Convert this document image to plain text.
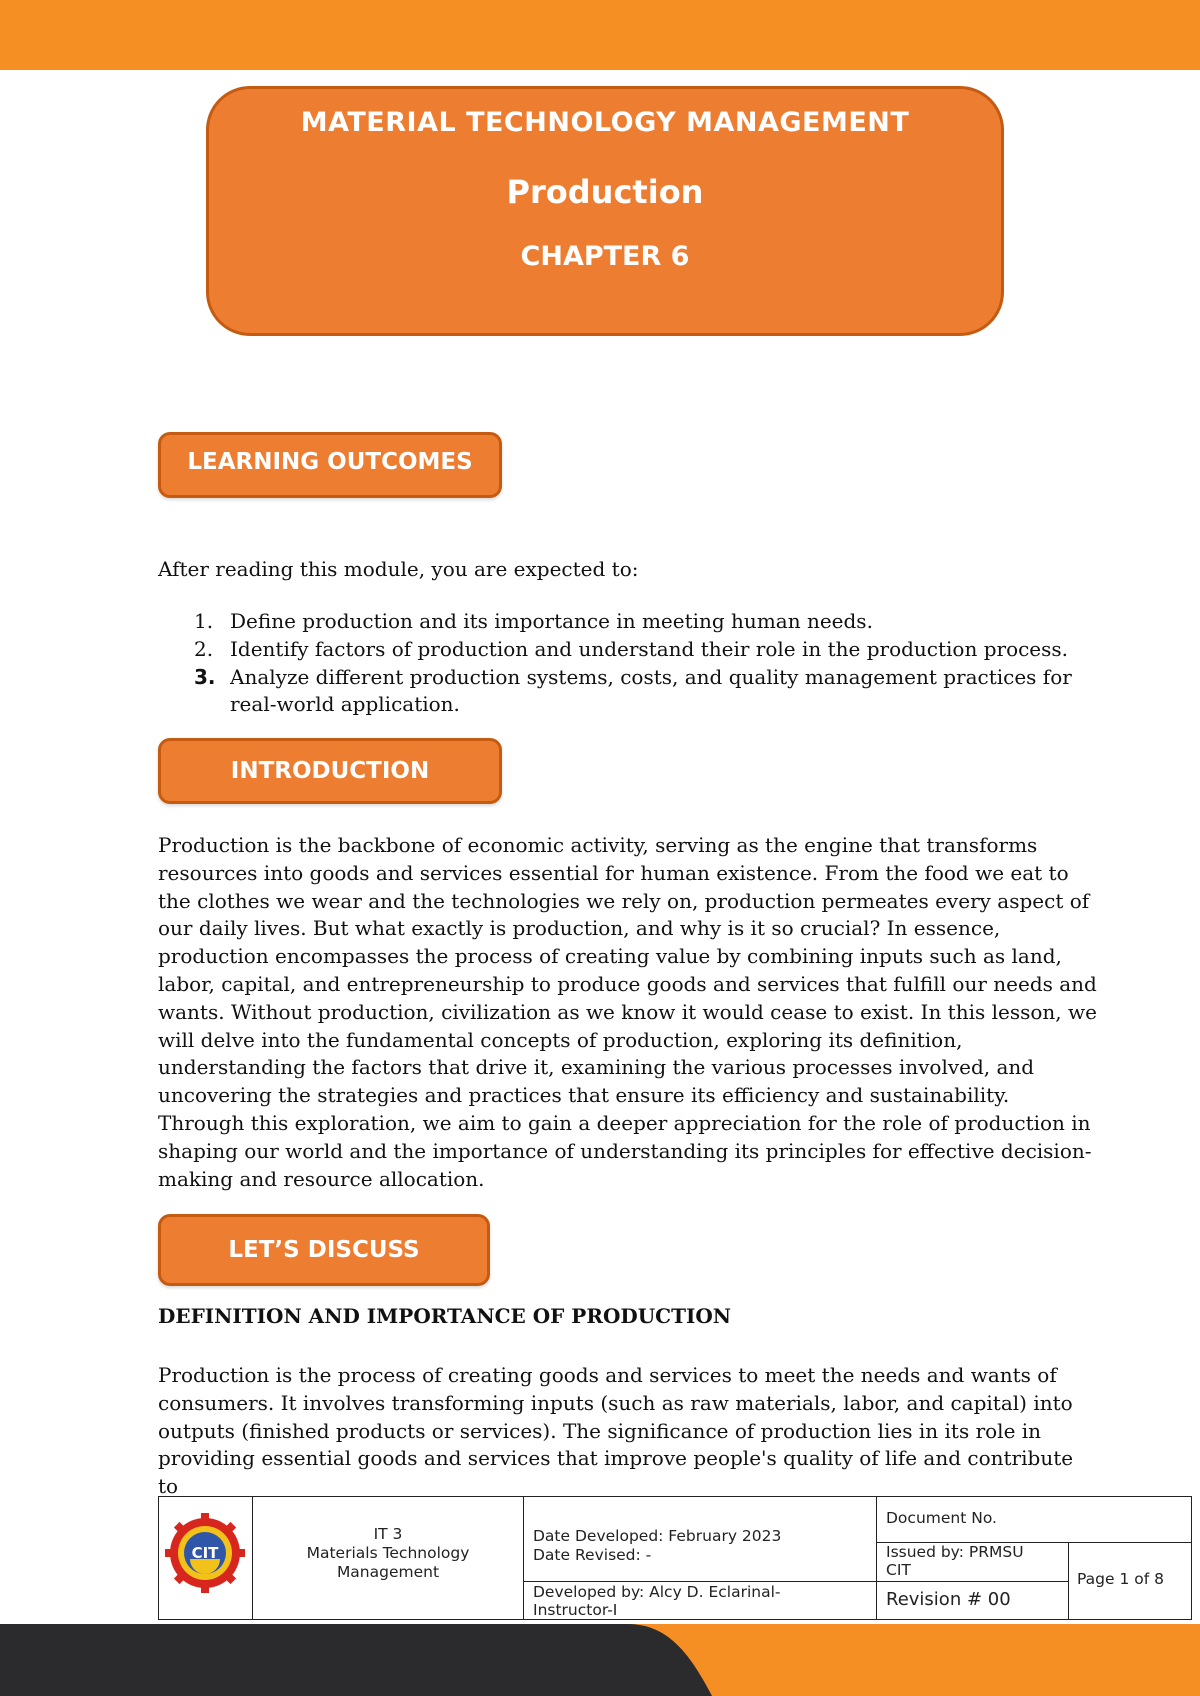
MATERIAL TECHNOLOGY MANAGEMENT
Production
CHAPTER 6
LEARNING OUTCOMES

After reading this module, you are expected to:

1. Define production and its importance in meeting human needs.
2. Identify factors of production and understand their role in the production process.
3. Analyze different production systems, costs, and quality management practices for real-world application.
INTRODUCTION

Production is the backbone of economic activity, serving as the engine that transforms resources into goods and services essential for human existence. From the food we eat to the clothes we wear and the technologies we rely on, production permeates every aspect of our daily lives. But what exactly is production, and why is it so crucial? In essence, production encompasses the process of creating value by combining inputs such as land, labor, capital, and entrepreneurship to produce goods and services that fulfill our needs and wants. Without production, civilization as we know it would cease to exist. In this lesson, we will delve into the fundamental concepts of production, exploring its definition, understanding the factors that drive it, examining the various processes involved, and uncovering the strategies and practices that ensure its efficiency and sustainability. Through this exploration, we aim to gain a deeper appreciation for the role of production in shaping our world and the importance of understanding its principles for effective decision-making and resource allocation.

LET’S DISCUSS
DEFINITION AND IMPORTANCE OF PRODUCTION

Production is the process of creating goods and services to meet the needs and wants of consumers. It involves transforming inputs (such as raw materials, labor, and capital) into outputs (finished products or services). The significance of production lies in its role in providing essential goods and services that improve people's quality of life and contribute to

CIT
IT 3
Materials Technology Management
Date Developed: February 2023
Date Revised: -
Developed by: Alcy D. Eclarinal-Instructor-I
Document No.
Issued by: PRMSU CIT
Revision # 00
Page 1 of 8
